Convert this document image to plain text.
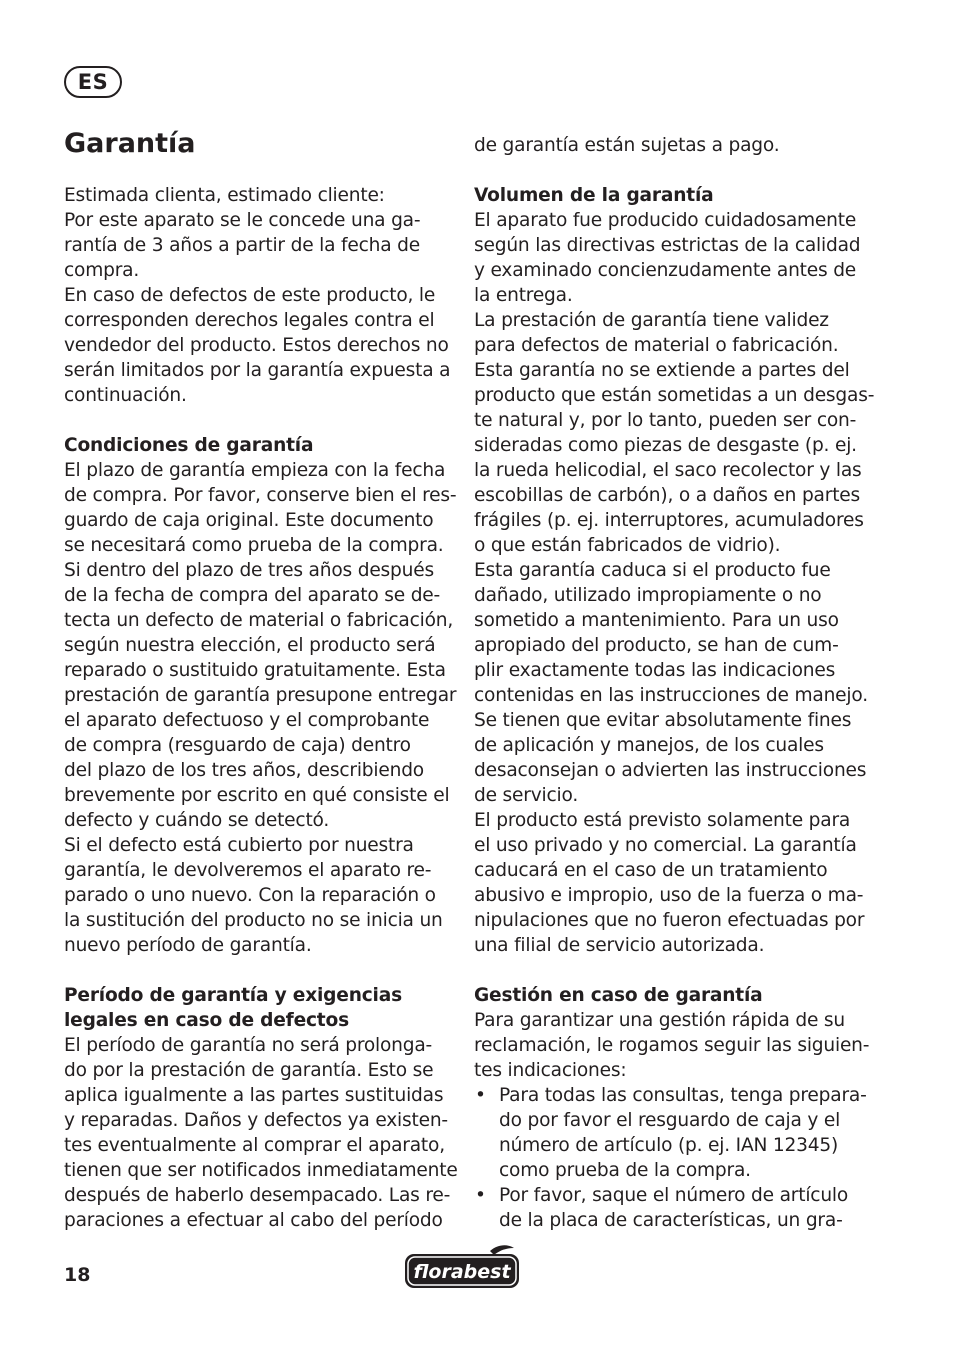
ES
Garantía
Estimada clienta, estimado cliente:
Por este aparato se le concede una ga-
rantía de 3 años a partir de la fecha de
compra.
En caso de defectos de este producto, le
corresponden derechos legales contra el
vendedor del producto. Estos derechos no
serán limitados por la garantía expuesta a
continuación.
Condiciones de garantía
El plazo de garantía empieza con la fecha
de compra. Por favor, conserve bien el res-
guardo de caja original. Este documento
se necesitará como prueba de la compra.
Si dentro del plazo de tres años después
de la fecha de compra del aparato se de-
tecta un defecto de material o fabricación,
según nuestra elección, el producto será
reparado o sustituido gratuitamente. Esta
prestación de garantía presupone entregar
el aparato defectuoso y el comprobante
de compra (resguardo de caja) dentro
del plazo de los tres años, describiendo
brevemente por escrito en qué consiste el
defecto y cuándo se detectó.
Si el defecto está cubierto por nuestra
garantía, le devolveremos el aparato re-
parado o uno nuevo. Con la reparación o
la sustitución del producto no se inicia un
nuevo período de garantía.
Período de garantía y exigencias
legales en caso de defectos
El período de garantía no será prolonga-
do por la prestación de garantía. Esto se
aplica igualmente a las partes sustituidas
y reparadas. Daños y defectos ya existen-
tes eventualmente al comprar el aparato,
tienen que ser notificados inmediatamente
después de haberlo desempacado. Las re-
paraciones a efectuar al cabo del período
de garantía están sujetas a pago.
Volumen de la garantía
El aparato fue producido cuidadosamente
según las directivas estrictas de la calidad
y examinado concienzudamente antes de
la entrega.
La prestación de garantía tiene validez
para defectos de material o fabricación.
Esta garantía no se extiende a partes del
producto que están sometidas a un desgas-
te natural y, por lo tanto, pueden ser con-
sideradas como piezas de desgaste (p. ej.
la rueda helicodial, el saco recolector y las
escobillas de carbón), o a daños en partes
frágiles (p. ej. interruptores, acumuladores
o que están fabricados de vidrio).
Esta garantía caduca si el producto fue
dañado, utilizado impropiamente o no
sometido a mantenimiento. Para un uso
apropiado del producto, se han de cum-
plir exactamente todas las indicaciones
contenidas en las instrucciones de manejo.
Se tienen que evitar absolutamente fines
de aplicación y manejos, de los cuales
desaconsejan o advierten las instrucciones
de servicio.
El producto está previsto solamente para
el uso privado y no comercial. La garantía
caducará en el caso de un tratamiento
abusivo e impropio, uso de la fuerza o ma-
nipulaciones que no fueron efectuadas por
una filial de servicio autorizada.
Gestión en caso de garantía
Para garantizar una gestión rápida de su
reclamación, le rogamos seguir las siguien-
tes indicaciones:
• Para todas las consultas, tenga prepara-
do por favor el resguardo de caja y el
número de artículo (p. ej. IAN 12345)
como prueba de la compra.
• Por favor, saque el número de artículo
de la placa de características, un gra-
18	florabest
